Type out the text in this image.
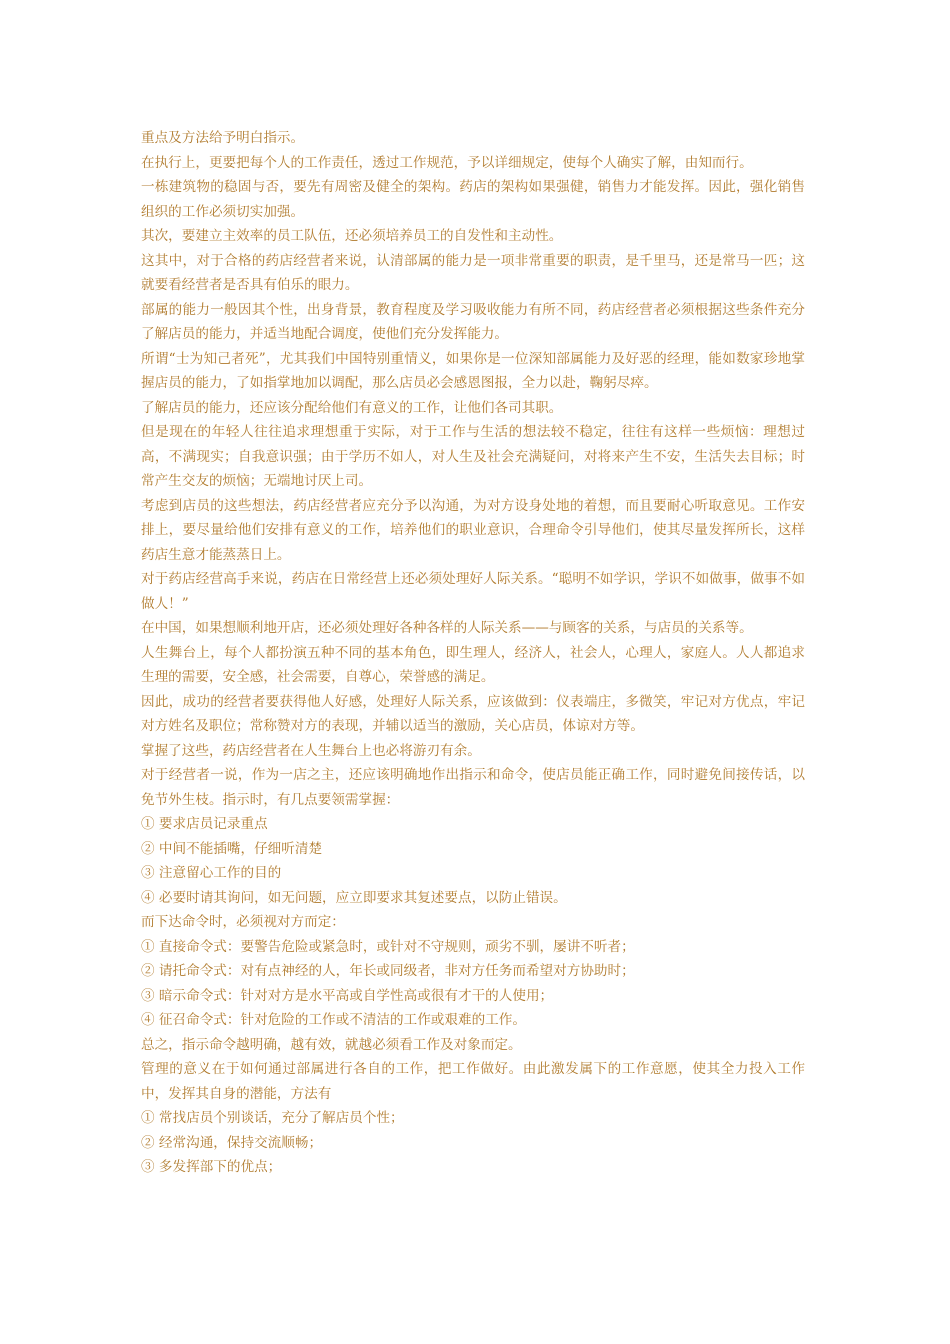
重点及方法给予明白指示。

在执行上，更要把每个人的工作责任，透过工作规范，予以详细规定，使每个人确实了解，由知而行。

一栋建筑物的稳固与否，要先有周密及健全的架构。药店的架构如果强健，销售力才能发挥。因此，强化销售组织的工作必须切实加强。

其次，要建立主效率的员工队伍，还必须培养员工的自发性和主动性。

这其中，对于合格的药店经营者来说，认清部属的能力是一项非常重要的职责，是千里马，还是常马一匹；这就要看经营者是否具有伯乐的眼力。

部属的能力一般因其个性，出身背景，教育程度及学习吸收能力有所不同，药店经营者必须根据这些条件充分了解店员的能力，并适当地配合调度，使他们充分发挥能力。

所谓“士为知己者死”，尤其我们中国特别重情义，如果你是一位深知部属能力及好恶的经理，能如数家珍地掌握店员的能力，了如指掌地加以调配，那么店员必会感恩图报，全力以赴，鞠躬尽瘁。

了解店员的能力，还应该分配给他们有意义的工作，让他们各司其职。

但是现在的年轻人往往追求理想重于实际，对于工作与生活的想法较不稳定，往往有这样一些烦恼：理想过高，不满现实；自我意识强；由于学历不如人，对人生及社会充满疑问，对将来产生不安，生活失去目标；时常产生交友的烦恼；无端地讨厌上司。

考虑到店员的这些想法，药店经营者应充分予以沟通，为对方设身处地的着想，而且要耐心听取意见。工作安排上，要尽量给他们安排有意义的工作，培养他们的职业意识，合理命令引导他们，使其尽量发挥所长，这样药店生意才能蒸蒸日上。

对于药店经营高手来说，药店在日常经营上还必须处理好人际关系。“聪明不如学识，学识不如做事，做事不如做人！”

在中国，如果想顺利地开店，还必须处理好各种各样的人际关系——与顾客的关系，与店员的关系等。

人生舞台上，每个人都扮演五种不同的基本角色，即生理人，经济人，社会人，心理人，家庭人。人人都追求生理的需要，安全感，社会需要，自尊心，荣誉感的满足。

因此，成功的经营者要获得他人好感，处理好人际关系，应该做到：仪表端庄，多微笑，牢记对方优点，牢记对方姓名及职位；常称赞对方的表现，并辅以适当的激励，关心店员，体谅对方等。

掌握了这些，药店经营者在人生舞台上也必将游刃有余。

对于经营者一说，作为一店之主，还应该明确地作出指示和命令，使店员能正确工作，同时避免间接传话，以免节外生枝。指示时，有几点要领需掌握：

① 要求店员记录重点

② 中间不能插嘴，仔细听清楚

③ 注意留心工作的目的

④ 必要时请其询问，如无问题，应立即要求其复述要点，以防止错误。

而下达命令时，必须视对方而定：

① 直接命令式：要警告危险或紧急时，或针对不守规则，顽劣不驯，屡讲不听者；

② 请托命令式：对有点神经的人，年长或同级者，非对方任务而希望对方协助时；

③ 暗示命令式：针对对方是水平高或自学性高或很有才干的人使用；

④ 征召命令式：针对危险的工作或不清洁的工作或艰难的工作。

总之，指示命令越明确，越有效，就越必须看工作及对象而定。

管理的意义在于如何通过部属进行各自的工作，把工作做好。由此激发属下的工作意愿，使其全力投入工作中，发挥其自身的潜能，方法有

① 常找店员个别谈话，充分了解店员个性；

② 经常沟通，保持交流顺畅；

③ 多发挥部下的优点；
